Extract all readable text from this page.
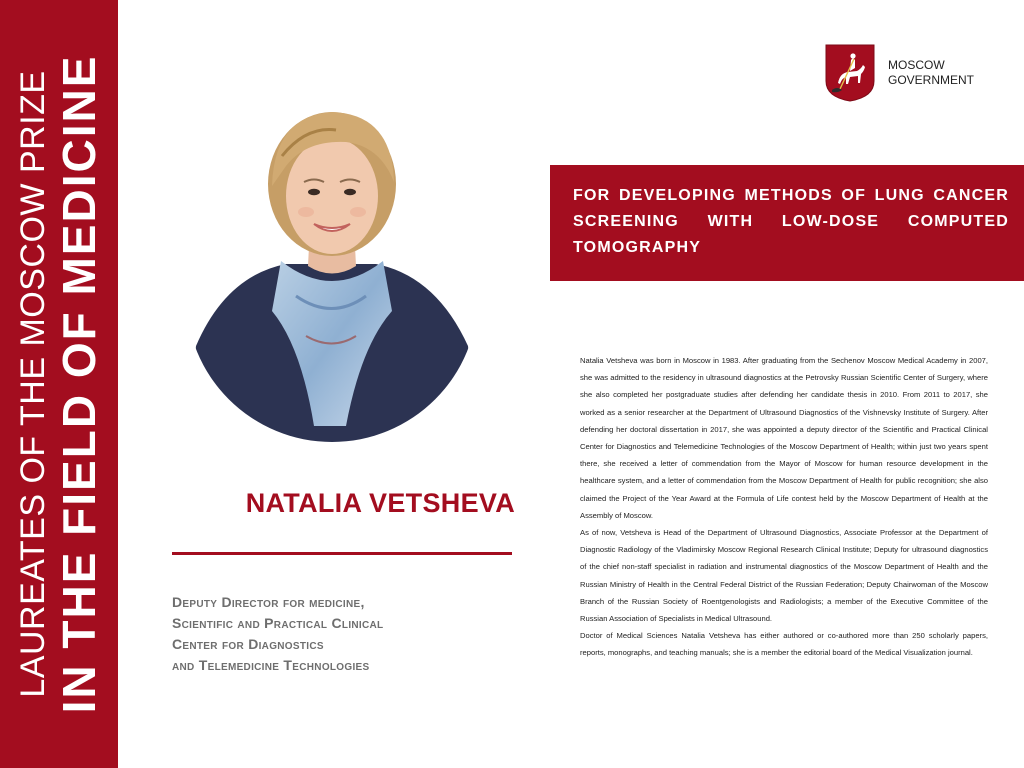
LAUREATES OF THE MOSCOW PRIZE IN THE FIELD OF MEDICINE	MOSCOW
GOVERNMENT
NATALIA VETSHEVA
Deputy Director for medicine,
Scientific and Practical Clinical
Center for Diagnostics
and Telemedicine Technologies
FOR DEVELOPING METHODS OF LUNG CANCER SCREENING WITH LOW-DOSE COMPUTED TOMOGRAPHY

Natalia Vetsheva was born in Moscow in 1983. After graduating from the Sechenov Moscow Medical Academy in 2007, she was admitted to the residency in ultrasound diagnostics at the Petrovsky Russian Scientific Center of Surgery, where she also completed her postgraduate studies after defending her candidate thesis in 2010. From 2011 to 2017, she worked as a senior researcher at the Department of Ultrasound Diagnostics of the Vishnevsky Institute of Surgery. After defending her doctoral dissertation in 2017, she was appointed a deputy director of the Scientific and Practical Clinical Center for Diagnostics and Telemedicine Technologies of the Moscow Department of Health; within just two years spent there, she received a letter of commendation from the Mayor of Moscow for human resource development in the healthcare system, and a letter of commendation from the Moscow Department of Health for public recognition; she also claimed the Project of the Year Award at the Formula of Life contest held by the Moscow Department of Health at the Assembly of Moscow.

As of now, Vetsheva is Head of the Department of Ultrasound Diagnostics, Associate Professor at the Department of Diagnostic Radiology of the Vladimirsky Moscow Regional Research Clinical Institute; Deputy for ultrasound diagnostics of the chief non-staff specialist in radiation and instrumental diagnostics of the Moscow Department of Health and the Russian Ministry of Health in the Central Federal District of the Russian Federation; Deputy Chairwoman of the Moscow Branch of the Russian Society of Roentgenologists and Radiologists; a member of the Executive Committee of the Russian Association of Specialists in Medical Ultrasound.

Doctor of Medical Sciences Natalia Vetsheva has either authored or co-authored more than 250 scholarly papers, reports, monographs, and teaching manuals; she is a member the editorial board of the Medical Visualization journal.
